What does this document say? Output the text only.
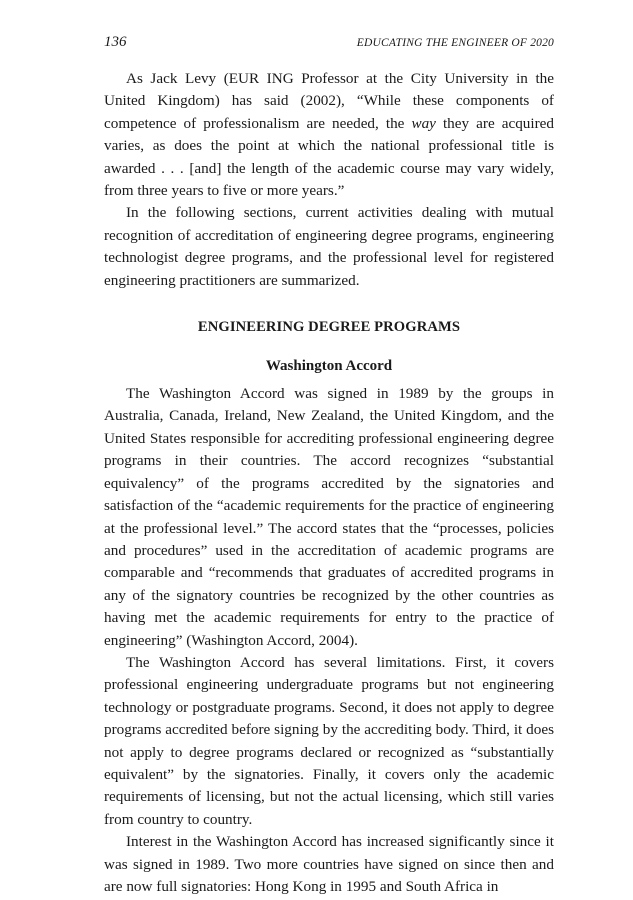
136	EDUCATING THE ENGINEER OF 2020

As Jack Levy (EUR ING Professor at the City University in the United Kingdom) has said (2002), “While these components of competence of professionalism are needed, the way they are acquired varies, as does the point at which the national professional title is awarded . . . [and] the length of the academic course may vary widely, from three years to five or more years.”

In the following sections, current activities dealing with mutual recognition of accreditation of engineering degree programs, engineering technologist degree programs, and the professional level for registered engineering practitioners are summarized.

ENGINEERING DEGREE PROGRAMS
Washington Accord

The Washington Accord was signed in 1989 by the groups in Australia, Canada, Ireland, New Zealand, the United Kingdom, and the United States responsible for accrediting professional engineering degree programs in their countries. The accord recognizes “substantial equivalency” of the programs accredited by the signatories and satisfaction of the “academic requirements for the practice of engineering at the professional level.” The accord states that the “processes, policies and procedures” used in the accreditation of academic programs are comparable and “recommends that graduates of accredited programs in any of the signatory countries be recognized by the other countries as having met the academic requirements for entry to the practice of engineering” (Washington Accord, 2004).

The Washington Accord has several limitations. First, it covers professional engineering undergraduate programs but not engineering technology or postgraduate programs. Second, it does not apply to degree programs accredited before signing by the accrediting body. Third, it does not apply to degree programs declared or recognized as “substantially equivalent” by the signatories. Finally, it covers only the academic requirements of licensing, but not the actual licensing, which still varies from country to country.

Interest in the Washington Accord has increased significantly since it was signed in 1989. Two more countries have signed on since then and are now full signatories: Hong Kong in 1995 and South Africa in
